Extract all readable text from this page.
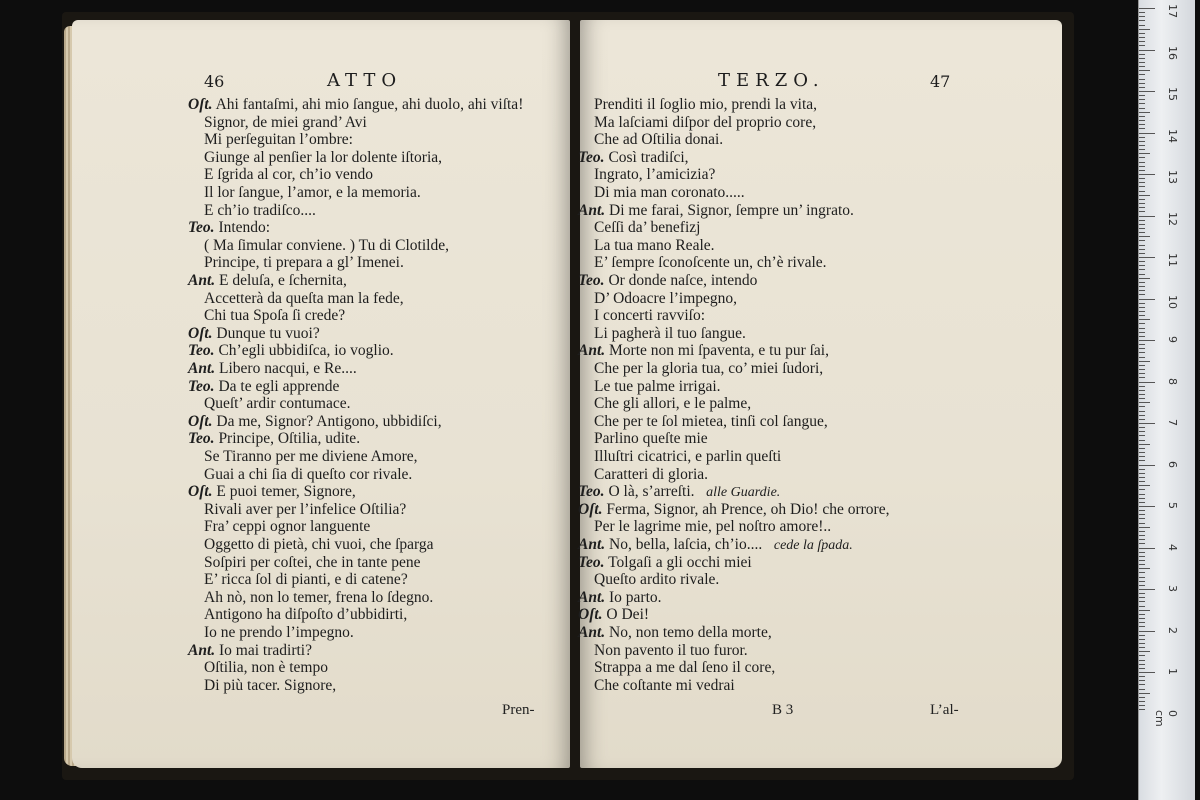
46	ATTO
Oſt. Ahi fantaſmi, ahi mio ſangue, ahi duolo, ahi viſta!
Signor, de miei grand’ Avi
Mi perſeguitan l’ombre:
Giunge al penſier la lor dolente iſtoria,
E ſgrida al cor, ch’io vendo
Il lor ſangue, l’amor, e la memoria.
E ch’io tradiſco....
Teo. Intendo:
( Ma ſimular conviene. ) Tu di Clotilde,
Principe, ti prepara a gl’ Imenei.
Ant. E deluſa, e ſchernita,
Accetterà da queſta man la fede,
Chi tua Spoſa ſi crede?
Oſt. Dunque tu vuoi?
Teo. Ch’egli ubbidiſca, io voglio.
Ant. Libero nacqui, e Re....
Teo. Da te egli apprende
Queſt’ ardir contumace.
Oſt. Da me, Signor? Antigono, ubbidiſci,
Teo. Principe, Oſtilia, udite.
Se Tiranno per me diviene Amore,
Guai a chi ſia di queſto cor rivale.
Oſt. E puoi temer, Signore,
Rivali aver per l’infelice Oſtilia?
Fra’ ceppi ognor languente
Oggetto di pietà, chi vuoi, che ſparga
Soſpiri per coſtei, che in tante pene
E’ ricca ſol di pianti, e di catene?
Ah nò, non lo temer, frena lo ſdegno.
Antigono ha diſpoſto d’ubbidirti,
Io ne prendo l’impegno.
Ant. Io mai tradirti?
Oſtilia, non è tempo
Di più tacer. Signore,
Pren-
TERZO.	47
Prenditi il ſoglio mio, prendi la vita,
Ma laſciami diſpor del proprio core,
Che ad Oſtilia donai.
Teo. Così tradiſci,
Ingrato, l’amicizia?
Di mia man coronato.....
Ant. Di me farai, Signor, ſempre un’ ingrato.
Ceſſi da’ benefizj
La tua mano Reale.
E’ ſempre ſconoſcente un, ch’è rivale.
Teo. Or donde naſce, intendo
D’ Odoacre l’impegno,
I concerti ravviſo:
Li pagherà il tuo ſangue.
Ant. Morte non mi ſpaventa, e tu pur ſai,
Che per la gloria tua, co’ miei ſudori,
Le tue palme irrigai.
Che gli allori, e le palme,
Che per te ſol mietea, tinſi col ſangue,
Parlino queſte mie
Illuſtri cicatrici, e parlin queſti
Caratteri di gloria.
Teo. O là, s’arreſti. alle Guardie.
Oſt. Ferma, Signor, ah Prence, oh Dio! che orrore,
Per le lagrime mie, pel noſtro amore!..
Ant. No, bella, laſcia, ch’io.... cede la ſpada.
Teo. Tolgaſi a gli occhi miei
Queſto ardito rivale.
Ant. Io parto.
Oſt. O Dei!
Ant. No, non temo della morte,
Non pavento il tuo furor.
Strappa a me dal ſeno il core,
Che coſtante mi vedrai
B 3	L’al-
17
16
15
14
13
12
11
10
9
8
7
6
5
4
3
2
1
0 cm
